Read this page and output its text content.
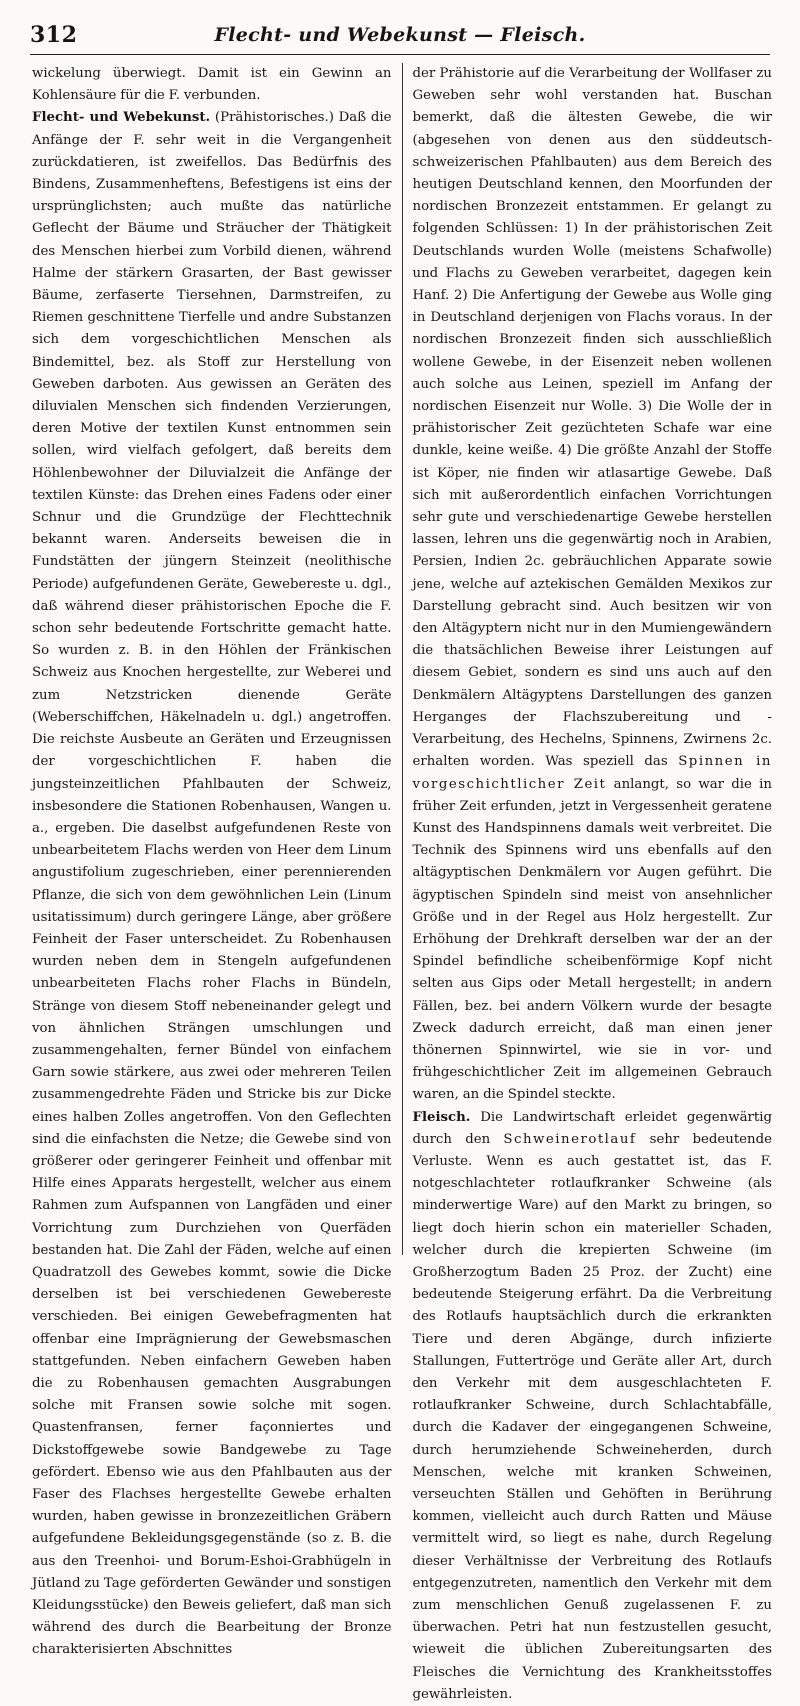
312	Flecht- und Webekunst — Fleisch.

wickelung überwiegt. Damit ist ein Gewinn an Kohlensäure für die F. verbunden.

Flecht- und Webekunst. (Prähistorisches.) Daß die Anfänge der F. sehr weit in die Vergangenheit zurückdatieren, ist zweifellos. Das Bedürfnis des Bindens, Zusammenheftens, Befestigens ist eins der ursprünglichsten; auch mußte das natürliche Geflecht der Bäume und Sträucher der Thätigkeit des Menschen hierbei zum Vorbild dienen, während Halme der stärkern Grasarten, der Bast gewisser Bäume, zerfaserte Tiersehnen, Darmstreifen, zu Riemen geschnittene Tierfelle und andre Substanzen sich dem vorgeschichtlichen Menschen als Bindemittel, bez. als Stoff zur Herstellung von Geweben darboten. Aus gewissen an Geräten des diluvialen Menschen sich findenden Verzierungen, deren Motive der textilen Kunst entnommen sein sollen, wird vielfach gefolgert, daß bereits dem Höhlenbewohner der Diluvialzeit die Anfänge der textilen Künste: das Drehen eines Fadens oder einer Schnur und die Grundzüge der Flechttechnik bekannt waren. Anderseits beweisen die in Fundstätten der jüngern Steinzeit (neolithische Periode) aufgefundenen Geräte, Gewebereste u. dgl., daß während dieser prähistorischen Epoche die F. schon sehr bedeutende Fortschritte gemacht hatte. So wurden z. B. in den Höhlen der Fränkischen Schweiz aus Knochen hergestellte, zur Weberei und zum Netzstricken dienende Geräte (Weberschiffchen, Häkelnadeln u. dgl.) angetroffen. Die reichste Ausbeute an Geräten und Erzeugnissen der vorgeschichtlichen F. haben die jungsteinzeitlichen Pfahlbauten der Schweiz, insbesondere die Stationen Robenhausen, Wangen u. a., ergeben. Die daselbst aufgefundenen Reste von unbearbeitetem Flachs werden von Heer dem Linum angustifolium zugeschrieben, einer perennierenden Pflanze, die sich von dem gewöhnlichen Lein (Linum usitatissimum) durch geringere Länge, aber größere Feinheit der Faser unterscheidet. Zu Robenhausen wurden neben dem in Stengeln aufgefundenen unbearbeiteten Flachs roher Flachs in Bündeln, Stränge von diesem Stoff nebeneinander gelegt und von ähnlichen Strängen umschlungen und zusammengehalten, ferner Bündel von einfachem Garn sowie stärkere, aus zwei oder mehreren Teilen zusammengedrehte Fäden und Stricke bis zur Dicke eines halben Zolles angetroffen. Von den Geflechten sind die einfachsten die Netze; die Gewebe sind von größerer oder geringerer Feinheit und offenbar mit Hilfe eines Apparats hergestellt, welcher aus einem Rahmen zum Aufspannen von Langfäden und einer Vorrichtung zum Durchziehen von Querfäden bestanden hat. Die Zahl der Fäden, welche auf einen Quadratzoll des Gewebes kommt, sowie die Dicke derselben ist bei verschiedenen Gewebereste verschieden. Bei einigen Gewebefragmenten hat offenbar eine Imprägnierung der Gewebsmaschen stattgefunden. Neben einfachern Geweben haben die zu Robenhausen gemachten Ausgrabungen solche mit Fransen sowie solche mit sogen. Quastenfransen, ferner façonniertes und Dickstoffgewebe sowie Bandgewebe zu Tage gefördert. Ebenso wie aus den Pfahlbauten aus der Faser des Flachses hergestellte Gewebe erhalten wurden, haben gewisse in bronzezeitlichen Gräbern aufgefundene Bekleidungsgegenstände (so z. B. die aus den Treenhoi- und Borum-Eshoi-Grabhügeln in Jütland zu Tage geförderten Gewänder und sonstigen Kleidungsstücke) den Beweis geliefert, daß man sich während des durch die Bearbeitung der Bronze charakterisierten Abschnittes

der Prähistorie auf die Verarbeitung der Wollfaser zu Geweben sehr wohl verstanden hat. Buschan bemerkt, daß die ältesten Gewebe, die wir (abgesehen von denen aus den süddeutsch-schweizerischen Pfahlbauten) aus dem Bereich des heutigen Deutschland kennen, den Moorfunden der nordischen Bronzezeit entstammen. Er gelangt zu folgenden Schlüssen: 1) In der prähistorischen Zeit Deutschlands wurden Wolle (meistens Schafwolle) und Flachs zu Geweben verarbeitet, dagegen kein Hanf. 2) Die Anfertigung der Gewebe aus Wolle ging in Deutschland derjenigen von Flachs voraus. In der nordischen Bronzezeit finden sich ausschließlich wollene Gewebe, in der Eisenzeit neben wollenen auch solche aus Leinen, speziell im Anfang der nordischen Eisenzeit nur Wolle. 3) Die Wolle der in prähistorischer Zeit gezüchteten Schafe war eine dunkle, keine weiße. 4) Die größte Anzahl der Stoffe ist Köper, nie finden wir atlasartige Gewebe. Daß sich mit außerordentlich einfachen Vorrichtungen sehr gute und verschiedenartige Gewebe herstellen lassen, lehren uns die gegenwärtig noch in Arabien, Persien, Indien 2c. gebräuchlichen Apparate sowie jene, welche auf aztekischen Gemälden Mexikos zur Darstellung gebracht sind. Auch besitzen wir von den Altägyptern nicht nur in den Mumiengewändern die thatsächlichen Beweise ihrer Leistungen auf diesem Gebiet, sondern es sind uns auch auf den Denkmälern Altägyptens Darstellungen des ganzen Herganges der Flachszubereitung und -Verarbeitung, des Hechelns, Spinnens, Zwirnens 2c. erhalten worden. Was speziell das Spinnen in vorgeschichtlicher Zeit anlangt, so war die in früher Zeit erfunden, jetzt in Vergessenheit geratene Kunst des Handspinnens damals weit verbreitet. Die Technik des Spinnens wird uns ebenfalls auf den altägyptischen Denkmälern vor Augen geführt. Die ägyptischen Spindeln sind meist von ansehnlicher Größe und in der Regel aus Holz hergestellt. Zur Erhöhung der Drehkraft derselben war der an der Spindel befindliche scheibenförmige Kopf nicht selten aus Gips oder Metall hergestellt; in andern Fällen, bez. bei andern Völkern wurde der besagte Zweck dadurch erreicht, daß man einen jener thönernen Spinnwirtel, wie sie in vor- und frühgeschichtlicher Zeit im allgemeinen Gebrauch waren, an die Spindel steckte.

Fleisch. Die Landwirtschaft erleidet gegenwärtig durch den Schweinerotlauf sehr bedeutende Verluste. Wenn es auch gestattet ist, das F. notgeschlachteter rotlaufkranker Schweine (als minderwertige Ware) auf den Markt zu bringen, so liegt doch hierin schon ein materieller Schaden, welcher durch die krepierten Schweine (im Großherzogtum Baden 25 Proz. der Zucht) eine bedeutende Steigerung erfährt. Da die Verbreitung des Rotlaufs hauptsächlich durch die erkrankten Tiere und deren Abgänge, durch infizierte Stallungen, Futtertröge und Geräte aller Art, durch den Verkehr mit dem ausgeschlachteten F. rotlaufkranker Schweine, durch Schlachtabfälle, durch die Kadaver der eingegangenen Schweine, durch herumziehende Schweineherden, durch Menschen, welche mit kranken Schweinen, verseuchten Ställen und Gehöften in Berührung kommen, vielleicht auch durch Ratten und Mäuse vermittelt wird, so liegt es nahe, durch Regelung dieser Verhältnisse der Verbreitung des Rotlaufs entgegenzutreten, namentlich den Verkehr mit dem zum menschlichen Genuß zugelassenen F. zu überwachen. Petri hat nun festzustellen gesucht, wieweit die üblichen Zubereitungsarten des Fleisches die Vernichtung des Krankheitsstoffes gewährleisten.
